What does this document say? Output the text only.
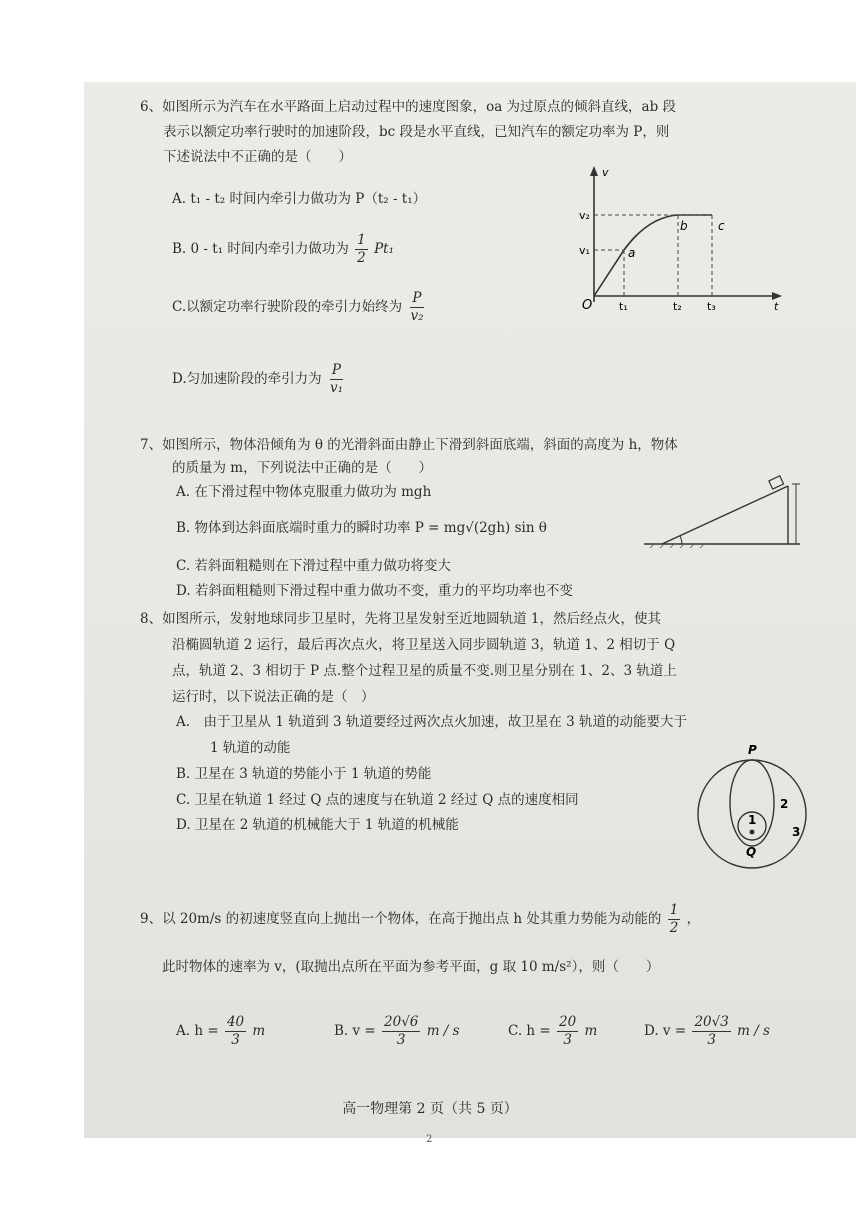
6、如图所示为汽车在水平路面上启动过程中的速度图象，oa 为过原点的倾斜直线，ab 段
表示以额定功率行驶时的加速阶段，bc 段是水平直线，已知汽车的额定功率为 P，则
下述说法中不正确的是（　　）
A. t₁ - t₂ 时间内牵引力做功为 P（t₂ - t₁）
B. 0 - t₁ 时间内牵引力做功为 $\frac{1}{2} Pt_1$
C.以额定功率行驶阶段的牵引力始终为 $\frac{P}{\text{v₂}}$
D.匀加速阶段的牵引力为 $\frac{P}{\text{v₁}}$
v
v₂
v₁
O t₁	t₂ t₃	t
a
b	c
7、如图所示，物体沿倾角为 θ 的光滑斜面由静止下滑到斜面底端，斜面的高度为 h，物体
的质量为 m，下列说法中正确的是（　　）
A. 在下滑过程中物体克服重力做功为 mgh
B. 物体到达斜面底端时重力的瞬时功率 P = mg√(2gh) sin θ
C. 若斜面粗糙则在下滑过程中重力做功将变大
D. 若斜面粗糙则下滑过程中重力做功不变，重力的平均功率也不变
8、如图所示，发射地球同步卫星时，先将卫星发射至近地圆轨道 1，然后经点火，使其
沿椭圆轨道 2 运行，最后再次点火，将卫星送入同步圆轨道 3，轨道 1、2 相切于 Q
点，轨道 2、3 相切于 P 点.整个过程卫星的质量不变.则卫星分别在 1、2、3 轨道上
运行时，以下说法正确的是（　）
A.　由于卫星从 1 轨道到 3 轨道要经过两次点火加速，故卫星在 3 轨道的动能要大于
1 轨道的动能
B. 卫星在 3 轨道的势能小于 1 轨道的势能
C. 卫星在轨道 1 经过 Q 点的速度与在轨道 2 经过 Q 点的速度相同
D. 卫星在 2 轨道的机械能大于 1 轨道的机械能
P
Q
1
2
3
9、以 20m/s 的初速度竖直向上抛出一个物体，在高于抛出点 h 处其重力势能为动能的 $\frac{1}{2}$ ，
此时物体的速率为 v，(取抛出点所在平面为参考平面，g 取 10 m/s²），则（　　）
A. $h = \frac{40}{3}$ m	B. $v = \frac{20√6}{3}$ m / s	C. $h = \frac{20}{3}$ m	D. $v = \frac{20√3}{3}$ m / s
高一物理第 2 页（共 5 页）
2
